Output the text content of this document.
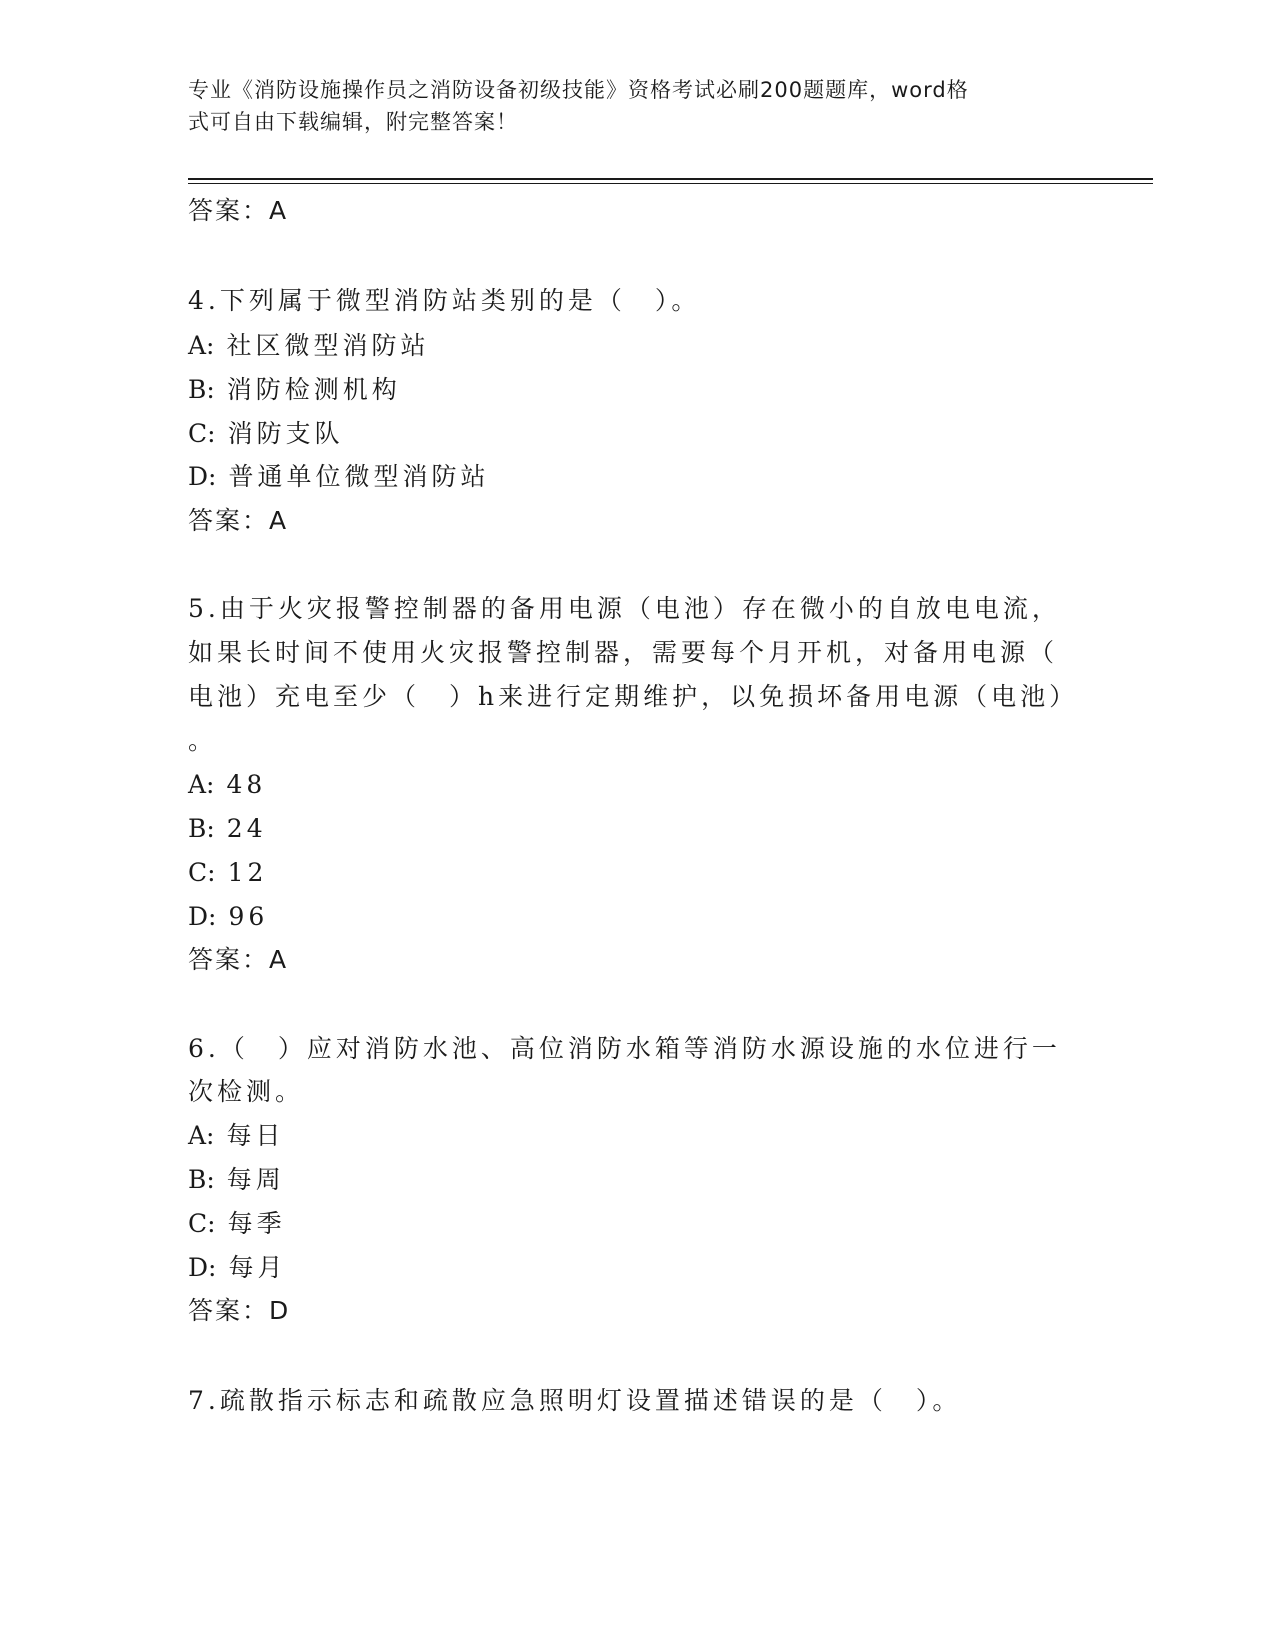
专业《消防设施操作员之消防设备初级技能》资格考试必刷200题题库，word格
式可自由下载编辑，附完整答案！
答案：A
4.下列属于微型消防站类别的是（　）。
A: 社区微型消防站
B: 消防检测机构
C: 消防支队
D: 普通单位微型消防站
答案：A
5.由于火灾报警控制器的备用电源（电池）存在微小的自放电电流，
如果长时间不使用火灾报警控制器，需要每个月开机，对备用电源（
电池）充电至少（　）h来进行定期维护，以免损坏备用电源（电池）
。
A: 48
B: 24
C: 12
D: 96
答案：A
6.（　）应对消防水池、高位消防水箱等消防水源设施的水位进行一
次检测。
A: 每日
B: 每周
C: 每季
D: 每月
答案：D
7.疏散指示标志和疏散应急照明灯设置描述错误的是（　）。
